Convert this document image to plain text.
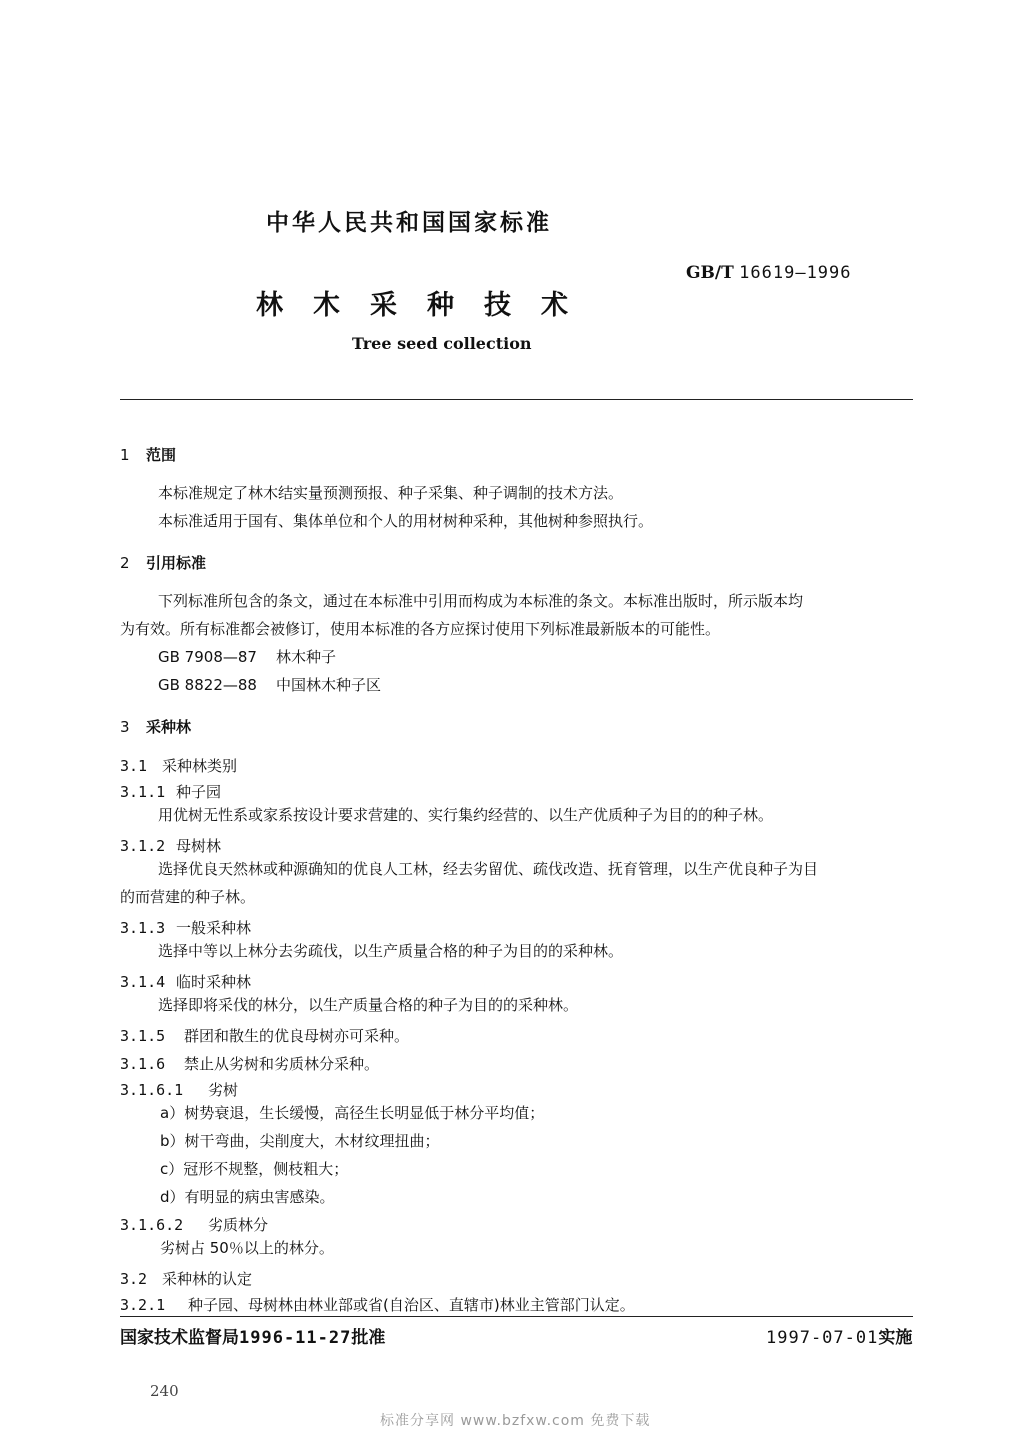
中华人民共和国国家标准
GB/T 16619—1996
林木采种技术
Tree seed collection
1 范围
本标准规定了林木结实量预测预报、种子采集、种子调制的技术方法。
本标准适用于国有、集体单位和个人的用材树种采种，其他树种参照执行。
2 引用标准
下列标准所包含的条文，通过在本标准中引用而构成为本标准的条文。本标准出版时，所示版本均
为有效。所有标准都会被修订，使用本标准的各方应探讨使用下列标准最新版本的可能性。
GB 7908—87 林木种子
GB 8822—88 中国林木种子区
3 采种林
3.1 采种林类别
3.1.1 种子园
用优树无性系或家系按设计要求营建的、实行集约经营的、以生产优质种子为目的的种子林。
3.1.2 母树林
选择优良天然林或种源确知的优良人工林，经去劣留优、疏伐改造、抚育管理，以生产优良种子为目
的而营建的种子林。
3.1.3 一般采种林
选择中等以上林分去劣疏伐，以生产质量合格的种子为目的的采种林。
3.1.4 临时采种林
选择即将采伐的林分，以生产质量合格的种子为目的的采种林。
3.1.5 群团和散生的优良母树亦可采种。
3.1.6 禁止从劣树和劣质林分采种。
3.1.6.1 劣树
a）树势衰退，生长缓慢，高径生长明显低于林分平均值；
b）树干弯曲，尖削度大，木材纹理扭曲；
c）冠形不规整，侧枝粗大；
d）有明显的病虫害感染。
3.1.6.2 劣质林分
劣树占 50％以上的林分。
3.2 采种林的认定
3.2.1 种子园、母树林由林业部或省(自治区、直辖市)林业主管部门认定。
国家技术监督局1996-11-27批准	1997-07-01实施
240
标准分享网 www.bzfxw.com 免费下载
